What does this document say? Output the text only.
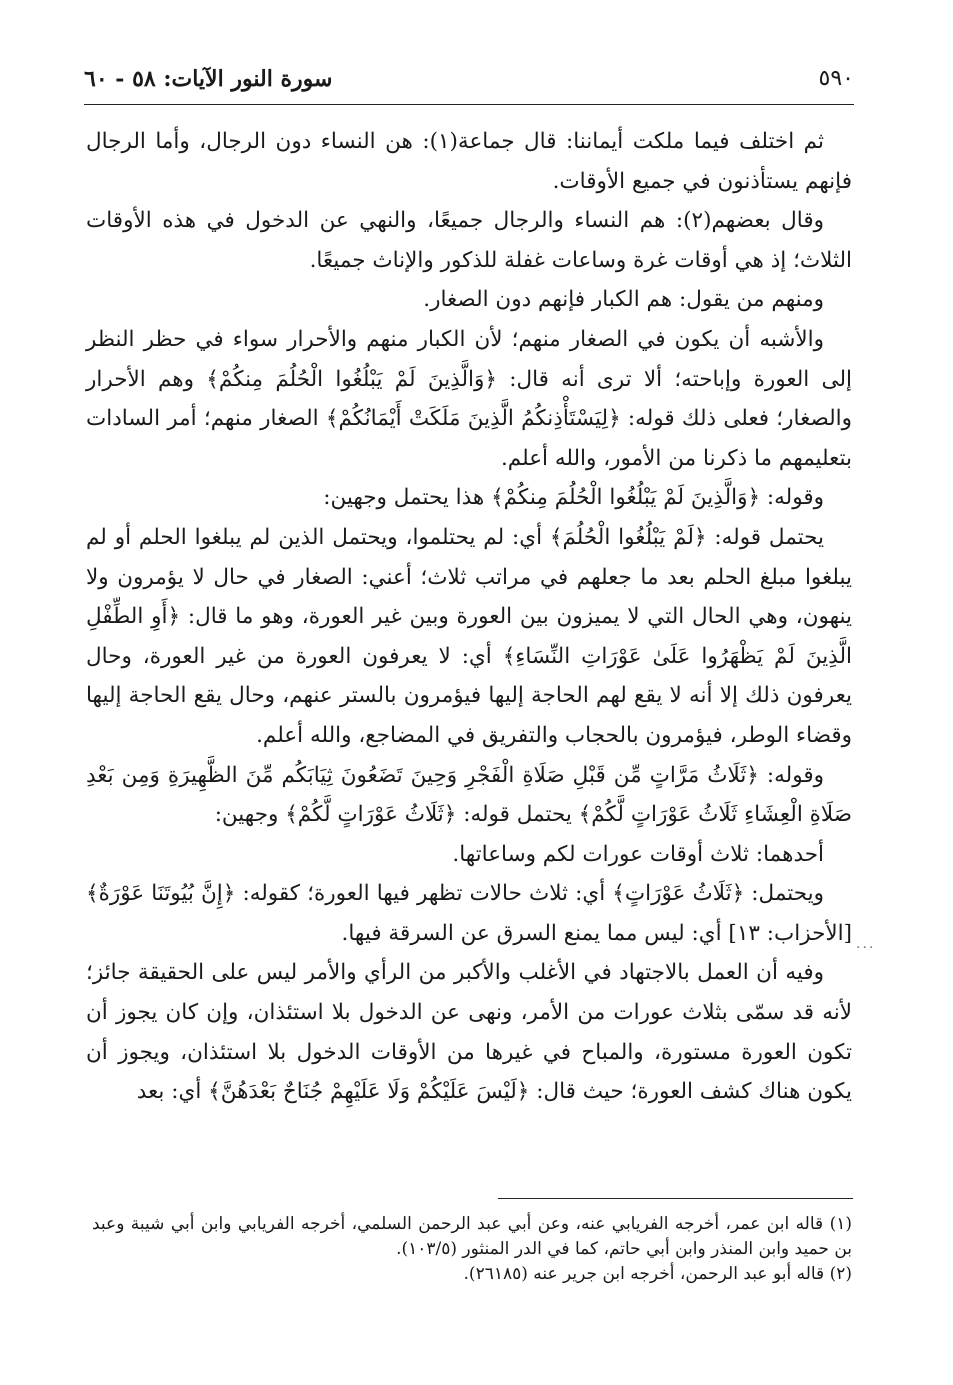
٥٩٠
سورة النور الآيات: ٥٨ - ٦٠

ثم اختلف فيما ملكت أيماننا: قال جماعة(١): هن النساء دون الرجال، وأما الرجال فإنهم يستأذنون في جميع الأوقات.

وقال بعضهم(٢): هم النساء والرجال جميعًا، والنهي عن الدخول في هذه الأوقات الثلاث؛ إذ هي أوقات غرة وساعات غفلة للذكور والإناث جميعًا.

ومنهم من يقول: هم الكبار فإنهم دون الصغار.

والأشبه أن يكون في الصغار منهم؛ لأن الكبار منهم والأحرار سواء في حظر النظر إلى العورة وإباحته؛ ألا ترى أنه قال: ﴿وَالَّذِينَ لَمْ يَبْلُغُوا الْحُلُمَ مِنكُمْ﴾ وهم الأحرار والصغار؛ فعلى ذلك قوله: ﴿لِيَسْتَأْذِنكُمُ الَّذِينَ مَلَكَتْ أَيْمَانُكُمْ﴾ الصغار منهم؛ أمر السادات بتعليمهم ما ذكرنا من الأمور، والله أعلم.

وقوله: ﴿وَالَّذِينَ لَمْ يَبْلُغُوا الْحُلُمَ مِنكُمْ﴾ هذا يحتمل وجهين:

يحتمل قوله: ﴿لَمْ يَبْلُغُوا الْحُلُمَ﴾ أي: لم يحتلموا، ويحتمل الذين لم يبلغوا الحلم أو لم يبلغوا مبلغ الحلم بعد ما جعلهم في مراتب ثلاث؛ أعني: الصغار في حال لا يؤمرون ولا ينهون، وهي الحال التي لا يميزون بين العورة وبين غير العورة، وهو ما قال: ﴿أَوِ الطِّفْلِ الَّذِينَ لَمْ يَظْهَرُوا عَلَىٰ عَوْرَاتِ النِّسَاءِ﴾ أي: لا يعرفون العورة من غير العورة، وحال يعرفون ذلك إلا أنه لا يقع لهم الحاجة إليها فيؤمرون بالستر عنهم، وحال يقع الحاجة إليها وقضاء الوطر، فيؤمرون بالحجاب والتفريق في المضاجع، والله أعلم.

وقوله: ﴿ثَلَاثُ مَرَّاتٍ مِّن قَبْلِ صَلَاةِ الْفَجْرِ وَحِينَ تَضَعُونَ ثِيَابَكُم مِّنَ الظَّهِيرَةِ وَمِن بَعْدِ صَلَاةِ الْعِشَاءِ ثَلَاثُ عَوْرَاتٍ لَّكُمْ﴾ يحتمل قوله: ﴿ثَلَاثُ عَوْرَاتٍ لَّكُمْ﴾ وجهين:

أحدهما: ثلاث أوقات عورات لكم وساعاتها.

ويحتمل: ﴿ثَلَاثُ عَوْرَاتٍ﴾ أي: ثلاث حالات تظهر فيها العورة؛ كقوله: ﴿إِنَّ بُيُوتَنَا عَوْرَةٌ﴾ [الأحزاب: ١٣] أي: ليس مما يمنع السرق عن السرقة فيها.

وفيه أن العمل بالاجتهاد في الأغلب والأكبر من الرأي والأمر ليس على الحقيقة جائز؛ لأنه قد سمّى بثلاث عورات من الأمر، ونهى عن الدخول بلا استئذان، وإن كان يجوز أن تكون العورة مستورة، والمباح في غيرها من الأوقات الدخول بلا استئذان، ويجوز أن يكون هناك كشف العورة؛ حيث قال: ﴿لَيْسَ عَلَيْكُمْ وَلَا عَلَيْهِمْ جُنَاحٌ بَعْدَهُنَّ﴾ أي: بعد

···

(١) قاله ابن عمر، أخرجه الفريابي عنه، وعن أبي عبد الرحمن السلمي، أخرجه الفريابي وابن أبي شيبة وعبد بن حميد وابن المنذر وابن أبي حاتم، كما في الدر المنثور (١٠٣/٥).

(٢) قاله أبو عبد الرحمن، أخرجه ابن جرير عنه (٢٦١٨٥).
